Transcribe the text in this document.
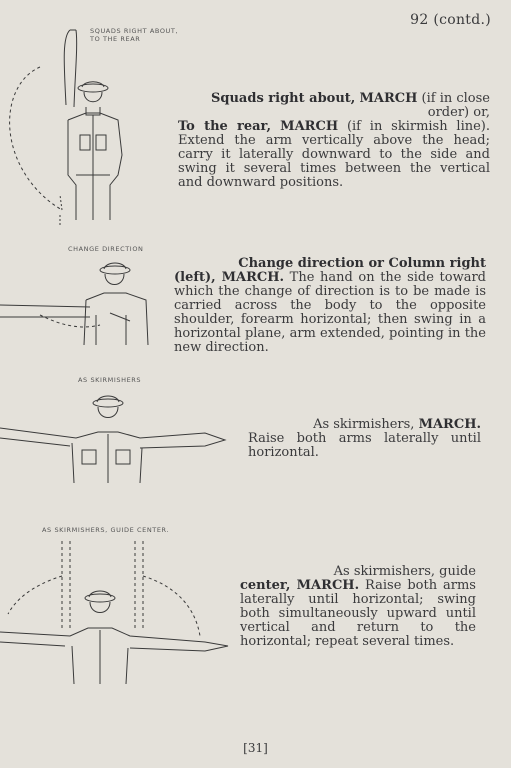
92 (contd.)
SQUADS RIGHT ABOUT,
TO THE REAR
Squads right about, MARCH (if in close order) or,
To the rear, MARCH (if in skirmish line). Extend the arm vertically above the head; carry it laterally downward to the side and swing it several times between the vertical and downward positions.
CHANGE DIRECTION
Change direction or Column right
(left), MARCH. The hand on the side toward which the change of direction is to be made is carried across the body to the opposite shoulder, forearm horizontal; then swing in a horizontal plane, arm extended, pointing in the new direction.
AS SKIRMISHERS
As skirmishers, MARCH.
Raise both arms laterally until horizontal.
AS SKIRMISHERS, GUIDE CENTER.
As skirmishers, guide
center, MARCH. Raise both arms laterally until horizontal; swing both simultaneously upward until vertical and return to the horizontal; repeat several times.
[31]
